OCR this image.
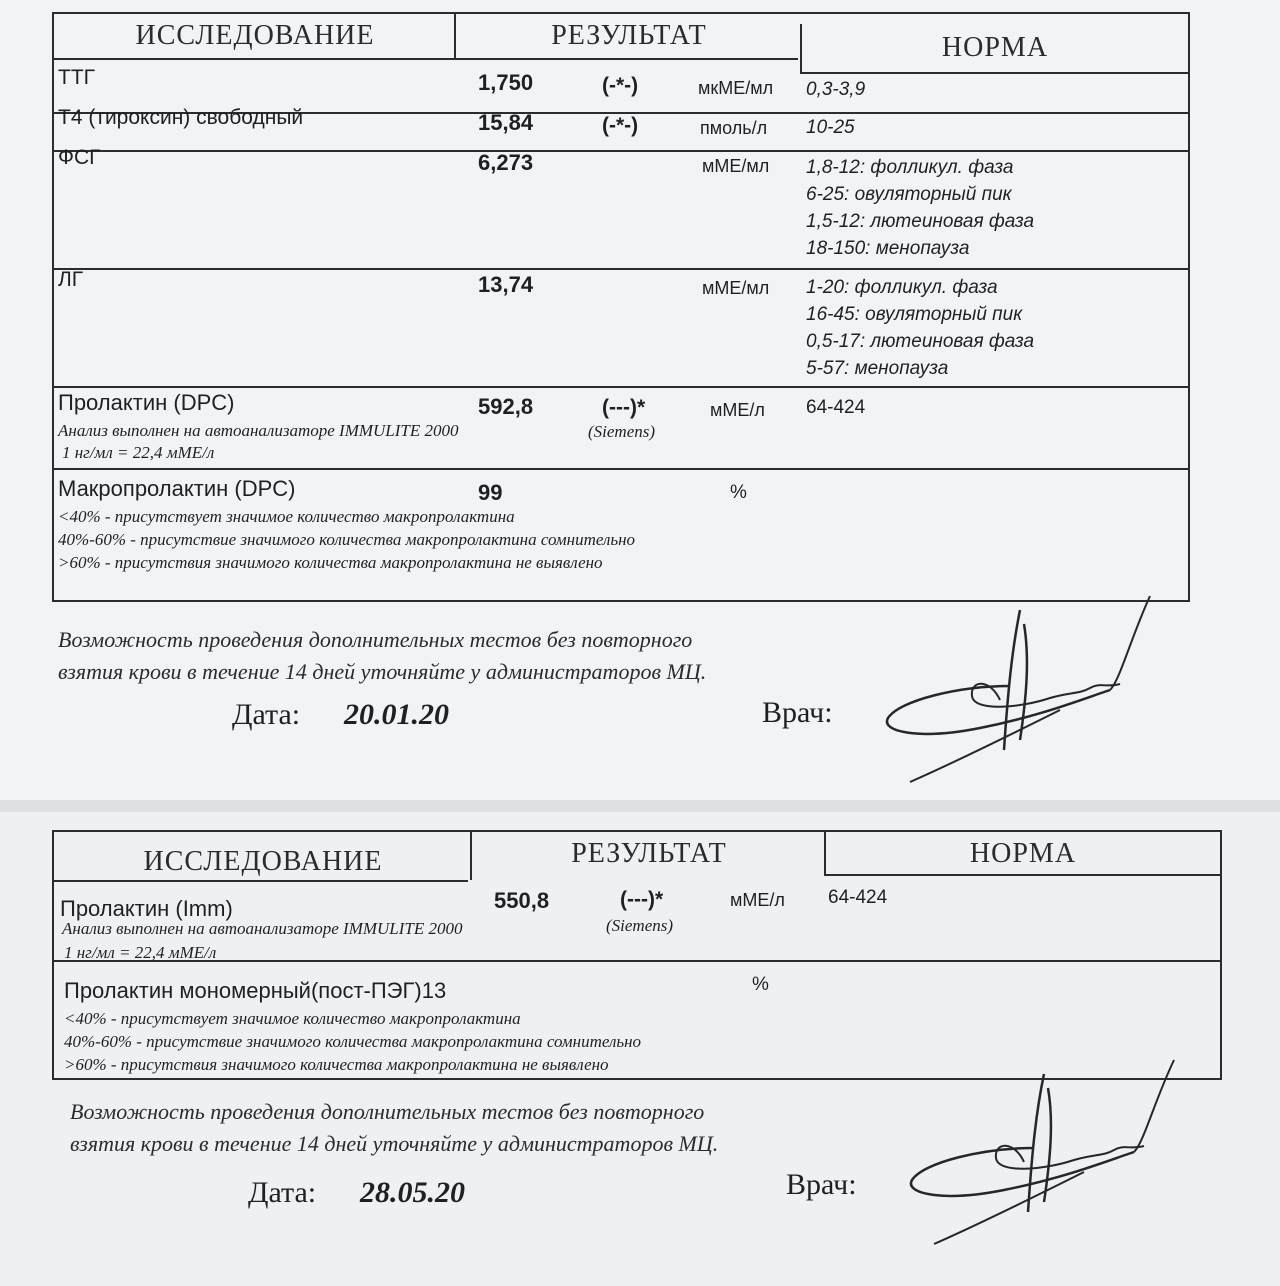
ИССЛЕДОВАНИЕ	РЕЗУЛЬТАТ	НОРМА
ТТГ	1,750	(-*-)	мкМЕ/мл 0,3-3,9
Т4 (тироксин) свободный	15,84	(-*-)	пмоль/л 10-25
ФСГ	6,273	мМЕ/мл 1,8-12: фолликул. фаза
6-25: овуляторный пик
1,5-12: лютеиновая фаза
18-150: менопауза
ЛГ	13,74	мМЕ/мл 1-20: фолликул. фаза
16-45: овуляторный пик
0,5-17: лютеиновая фаза
5-57: менопауза
Пролактин (DPC)	592,8	(---)*	мМЕ/л 64-424
Анализ выполнен на автоанализаторе IMMULITE 2000	(Siemens)
1 нг/мл = 22,4 мМЕ/л
Макропролактин (DPC)	99	%
<40% - присутствует значимое количество макропролактина
40%-60% - присутствие значимого количества макропролактина сомнительно
>60% - присутствия значимого количества макропролактина не выявлено
Возможность проведения дополнительных тестов без повторного
взятия крови в течение 14 дней уточняйте у администраторов МЦ.
Дата: 20.01.20	Врач:
ИССЛЕДОВАНИЕ	РЕЗУЛЬТАТ	НОРМА
Пролактин (Imm)	550,8	(---)*	мМЕ/л 64-424
Анализ выполнен на автоанализаторе IMMULITE 2000	(Siemens)
1 нг/мл = 22,4 мМЕ/л
Пролактин мономерный(пост-ПЭГ)13	%
<40% - присутствует значимое количество макропролактина
40%-60% - присутствие значимого количества макропролактина сомнительно
>60% - присутствия значимого количества макропролактина не выявлено
Возможность проведения дополнительных тестов без повторного
взятия крови в течение 14 дней уточняйте у администраторов МЦ.
Дата: 28.05.20	Врач:
